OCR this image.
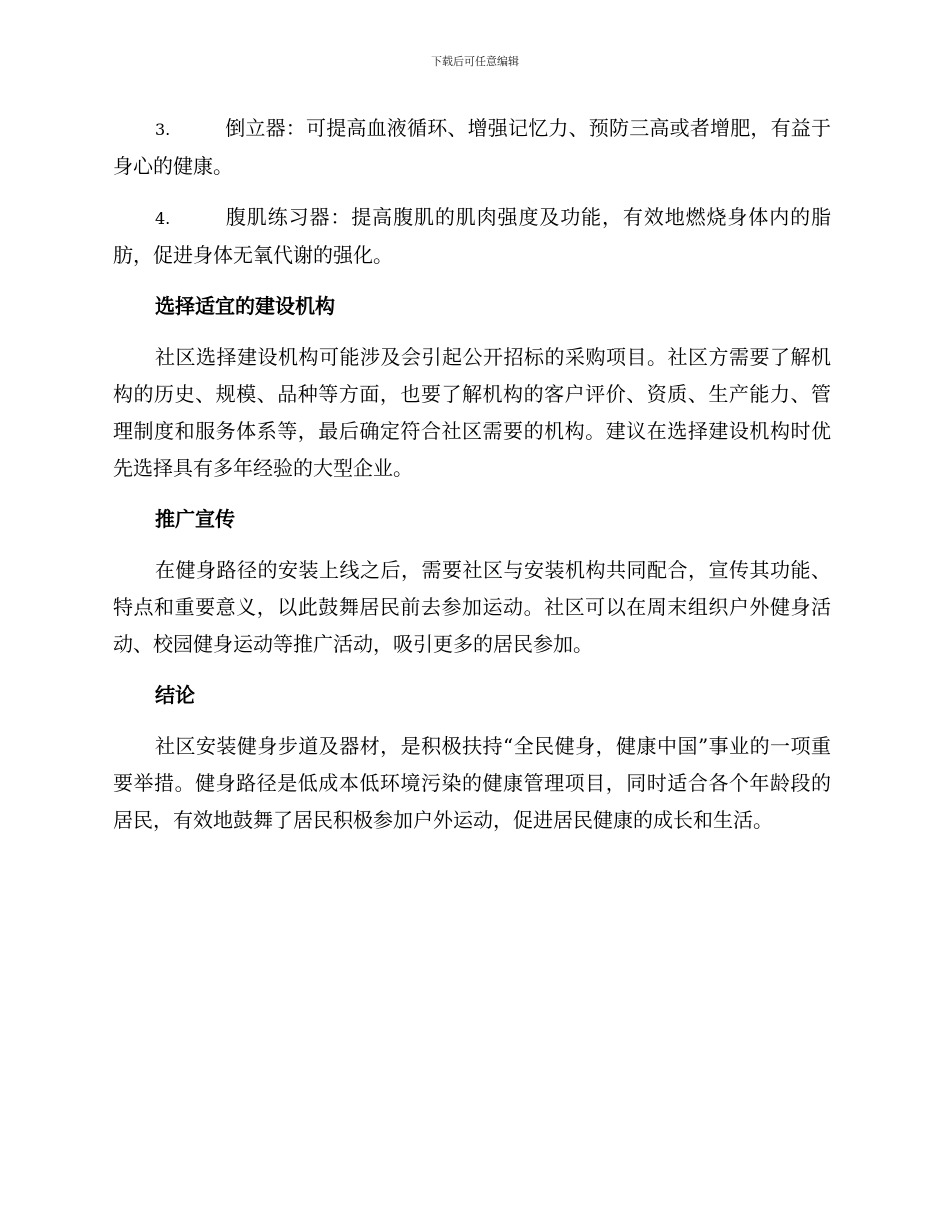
下载后可任意编辑

3.	倒立器：可提高血液循环、增强记忆力、预防三高或者增肥，有益于身心的健康。

4.	腹肌练习器：提高腹肌的肌肉强度及功能，有效地燃烧身体内的脂肪，促进身体无氧代谢的强化。

选择适宜的建设机构

社区选择建设机构可能涉及会引起公开招标的采购项目。社区方需要了解机构的历史、规模、品种等方面，也要了解机构的客户评价、资质、生产能力、管理制度和服务体系等，最后确定符合社区需要的机构。建议在选择建设机构时优先选择具有多年经验的大型企业。

推广宣传

在健身路径的安装上线之后，需要社区与安装机构共同配合，宣传其功能、特点和重要意义，以此鼓舞居民前去参加运动。社区可以在周末组织户外健身活动、校园健身运动等推广活动，吸引更多的居民参加。

结论

社区安装健身步道及器材，是积极扶持“全民健身，健康中国”事业的一项重要举措。健身路径是低成本低环境污染的健康管理项目，同时适合各个年龄段的居民，有效地鼓舞了居民积极参加户外运动，促进居民健康的成长和生活。
